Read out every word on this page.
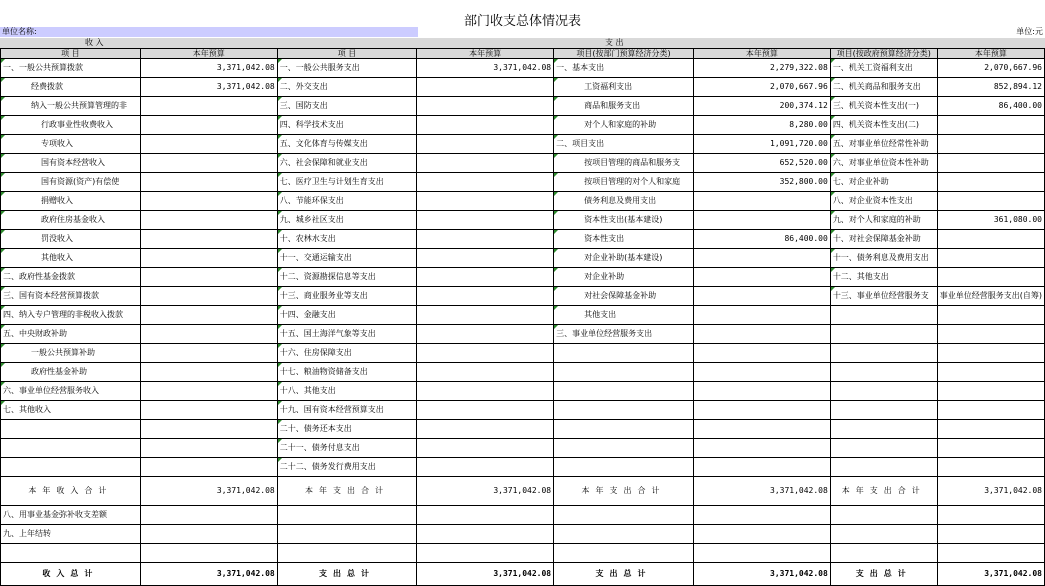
部门收支总体情况表
单位名称:	单位:元
收 入	支 出
项 目	本年预算	项 目	本年预算	项目(按部门预算经济分类)	本年预算	项目(按政府预算经济分类)	本年预算
一、一般公共预算拨款	3,371,042.08	一、一般公共服务支出	3,371,042.08	一、基本支出	2,279,322.08	一、机关工资福利支出	2,070,667.96
经费拨款	3,371,042.08	二、外交支出		工资福利支出	2,070,667.96	二、机关商品和服务支出	852,894.12
纳入一般公共预算管理的非		三、国防支出		商品和服务支出	200,374.12	三、机关资本性支出(一)	86,400.00
行政事业性收费收入		四、科学技术支出		对个人和家庭的补助	8,280.00	四、机关资本性支出(二)	
专项收入		五、文化体育与传媒支出		二、项目支出	1,091,720.00	五、对事业单位经常性补助	
国有资本经营收入		六、社会保障和就业支出		按项目管理的商品和服务支	652,520.00	六、对事业单位资本性补助	
国有资源(资产)有偿使		七、医疗卫生与计划生育支出		按项目管理的对个人和家庭	352,800.00	七、对企业补助	
捐赠收入		八、节能环保支出		债务利息及费用支出		八、对企业资本性支出	
政府住房基金收入		九、城乡社区支出		资本性支出(基本建设)		九、对个人和家庭的补助	361,080.00
罚没收入		十、农林水支出		资本性支出	86,400.00	十、对社会保障基金补助	
其他收入		十一、交通运输支出		对企业补助(基本建设)		十一、债务利息及费用支出	
二、政府性基金拨款		十二、资源勘探信息等支出		对企业补助		十二、其他支出	
三、国有资本经营预算拨款		十三、商业服务业等支出		对社会保障基金补助		十三、事业单位经营服务支	事业单位经营服务支出(自筹)
四、纳入专户管理的非税收入拨款		十四、金融支出		其他支出			
五、中央财政补助		十五、国土海洋气象等支出		三、事业单位经营服务支出			
一般公共预算补助		十六、住房保障支出					
政府性基金补助		十七、粮油物资储备支出					
六、事业单位经营服务收入		十八、其他支出					
七、其他收入		十九、国有资本经营预算支出					
		二十、债务还本支出					
		二十一、债务付息支出					
		二十二、债务发行费用支出					
本年收入合计	3,371,042.08	本年支出合计	3,371,042.08	本年支出合计	3,371,042.08	本年支出合计	3,371,042.08
八、用事业基金弥补收支差额							
九、上年结转							

收入总计	3,371,042.08	支出总计	3,371,042.08	支出总计	3,371,042.08	支出总计	3,371,042.08
